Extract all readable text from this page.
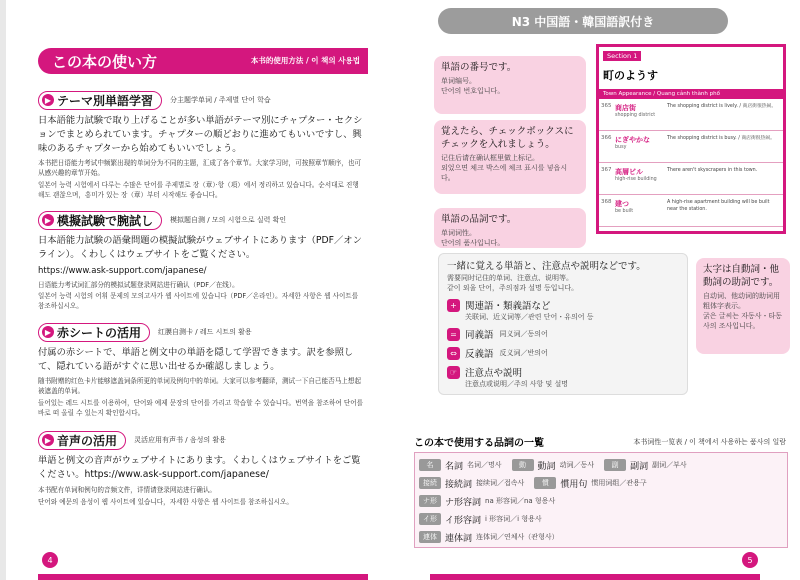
この本の使い方	本书的使用方法 / 이 책의 사용법
▶ テーマ別単語学習 分主题学单词 / 주제별 단어 학습
日本語能力試験で取り上げることが多い単語がテーマ別にチャプター・セクションでまとめられています。チャプターの順どおりに進めてもいいですし、興味のあるチャプターから始めてもいいでしょう。
本书把日语能力考试中频繁出现的单词分为不同的主题，汇成了各个章节。大家学习时，可按照章节顺序，也可从感兴趣的章节开始。
일본어 능력 시험에서 다루는 수많은 단어를 주제별로 장（章）·항（項）에서 정리하고 있습니다。순서대로 진행해도 괜찮으며，흥미가 있는 장（章）부터 시작해도 좋습니다。
▶ 模擬試験で腕試し 模拟题自测 / 모의 시험으로 실력 확인
日本語能力試験の語彙問題の模擬試験がウェブサイトにあります（PDF／オンライン）。くわしくはウェブサイトをご覧ください。
https://www.ask-support.com/japanese/
日语能力考试词汇部分的模拟试题登录网站进行确认（PDF／在线）。
일본어 능력 시험의 어휘 문제의 모의고사가 웹 사이트에 있습니다（PDF／온라인）。자세한 사항은 웹 사이트를 참조하십시오。
▶ 赤シートの活用 红膜自测卡 / 레드 시트의 활용
付属の赤シートで、単語と例文中の単語を隠して学習できます。訳を参照して、隠れている語がすぐに思い出せるか確認しましょう。
随书附赠的红色卡片能够遮盖词条所更的单词及例句中的单词。大家可以参考翻译，测试一下自己能否马上想起被遮盖的单词。
들어있는 레드 시트를 이용하여，단어와 예제 문장의 단어를 가리고 학습할 수 있습니다。번역을 참조하여 단어를 바로 떠 올릴 수 있는지 확인합시다。
▶ 音声の活用 灵活应用有声书 / 음성의 활용
単語と例文の音声がウェブサイトにあります。くわしくはウェブサイトをご覧ください。https://www.ask-support.com/japanese/
本书配有单词和例句的音频文件，详情请登录网站进行确认。
단어와 예문의 음성이 웹 사이트에 있습니다，자세한 사항은 웹 사이트를 참조하십시오。
4
N3 中国語・韓国語訳付き
単語の番号です。
单词编号。
단어의 번호입니다。
覚えたら、チェックボックスにチェックを入れましょう。
记住后请在确认框里做上标记。
외었으면 체크 박스에 체크 표시를 넣읍시다。
単語の品詞です。
单词词性。
단어의 품사입니다。
Section 1
町のようす
Town Appearance / Quang cảnh thành phố
365 商店街
shopping district
The shopping district is lively. / 商店街很热闹。
366 にぎやかな
busy
The shopping district is busy. / 商店街很热闹。
367 高層ビル
high-rise building
There aren't skyscrapers in this town.
368 建つ
be built
A high-rise apartment building will be built near the station.
一緒に覚える単語と、注意点や説明などです。
需要同时记住的单词、注意点、说明等。
같이 외울 단어，주의점과 설명 등입니다。
+ 関連語・類義語など
关联词、近义词等／관련 단어・유의어 등
= 同義語 同义词／동의어
⇔ 反義語 反义词／반의어
☞ 注意点や説明
注意点或说明／주의 사항 및 설명
太字は自動詞・他動詞の助詞です。
自动词、他动词的助词用粗体字表示。
굵은 글씨는 자동사・타동사의 조사입니다。
この本で使用する品詞の一覧	本书词性一览表 / 이 책에서 사용하는 품사의 일람
名	名詞 名词／명사	動	動詞 动词／동사	副	副詞 副词／부사
接続 接続詞 接续词／접속사	慣	慣用句 惯用词组／관용구
ナ形 ナ形容詞 na 形容词／na 형용사
イ形 イ形容詞 i 形容词／i 형용사
連体 連体詞 连体词／연체사（관형사）
5
